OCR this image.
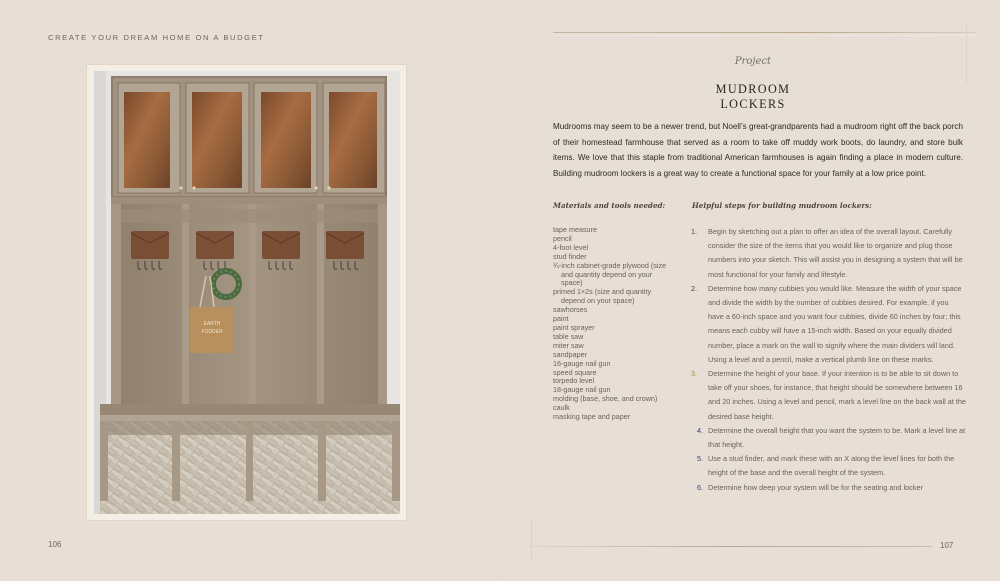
CREATE YOUR DREAM HOME ON A BUDGET
EARTH
FODDER
106
Project
MUDROOM LOCKERS

Mudrooms may seem to be a newer trend, but Noell’s great-grandparents had a mudroom right off the back porch of their homestead farmhouse that served as a room to take off muddy work boots, do laundry, and store bulk items. We love that this staple from traditional American farmhouses is again finding a place in modern culture. Building mudroom lockers is a great way to create a functional space for your family at a low price point.

Materials and tools needed:	Helpful steps for building mudroom lockers:
tape measure
pencil
4-foot level
stud finder
¾-inch cabinet-grade plywood (size and quantity depend on your space)
primed 1×2s (size and quantity depend on your space)
sawhorses
paint
paint sprayer
table saw
miter saw
sandpaper
16-gauge nail gun
speed square
torpedo level
18-gauge nail gun
molding (base, shoe, and crown)
caulk
masking tape and paper
1. Begin by sketching out a plan to offer an idea of the overall layout. Carefully consider the size of the items that you would like to organize and plug those numbers into your sketch. This will assist you in designing a system that will be most functional for your family and lifestyle.
2. Determine how many cubbies you would like. Measure the width of your space and divide the width by the number of cubbies desired. For example, if you have a 60-inch space and you want four cubbies, divide 60 inches by four; this means each cubby will have a 15-inch width. Based on your equally divided number, place a mark on the wall to signify where the main dividers will land. Using a level and a pencil, make a vertical plumb line on these marks.
3. Determine the height of your base. If your intention is to be able to sit down to take off your shoes, for instance, that height should be somewhere between 16 and 20 inches. Using a level and pencil, mark a level line on the back wall at the desired base height.
4. Determine the overall height that you want the system to be. Mark a level line at that height.
5. Use a stud finder, and mark these with an X along the level lines for both the height of the base and the overall height of the system.
6. Determine how deep your system will be for the seating and locker
107
